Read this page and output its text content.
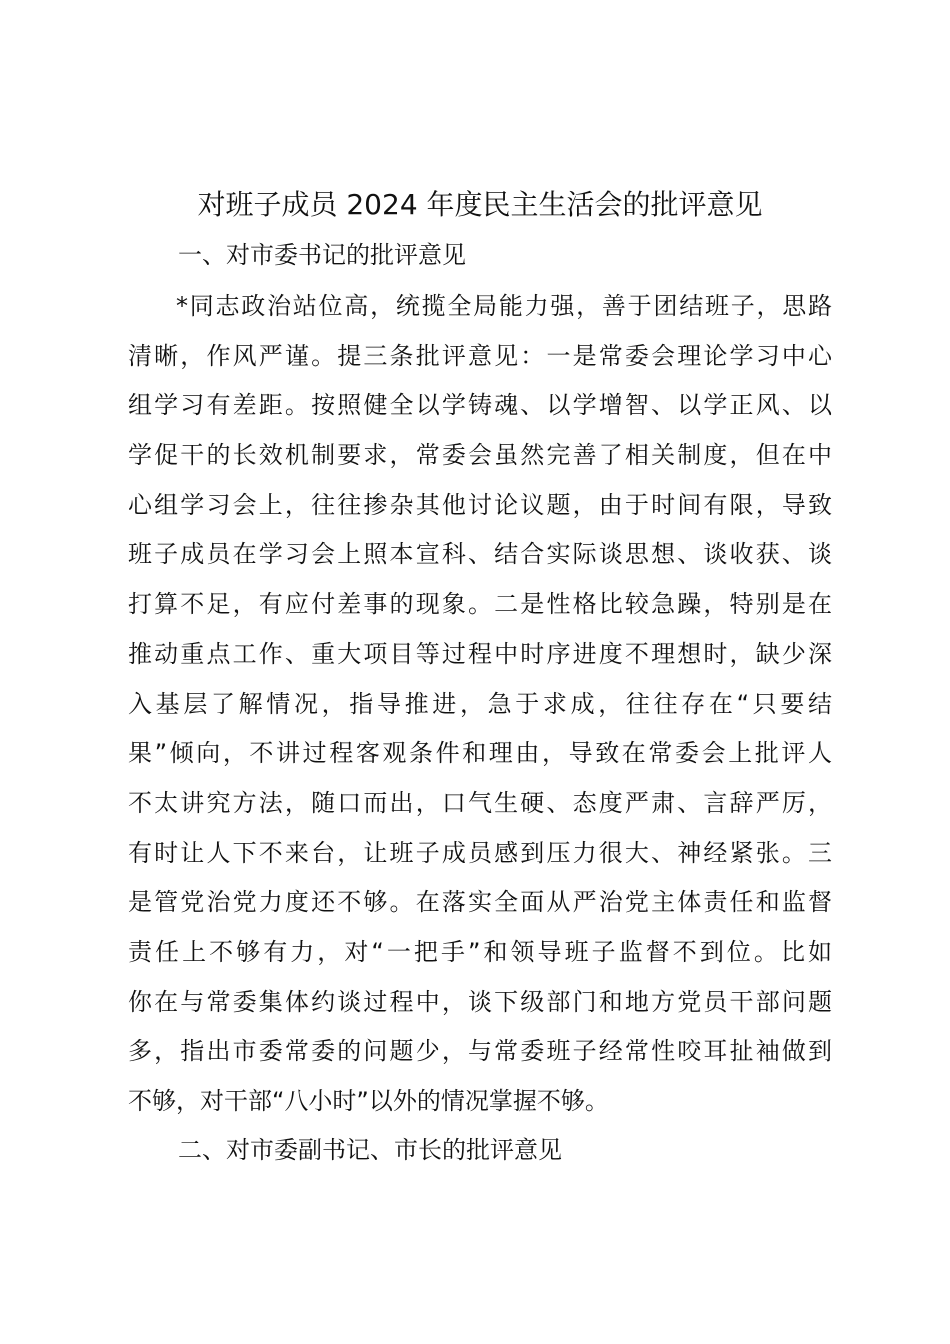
对班子成员 2024 年度民主生活会的批评意见
一、对市委书记的批评意见
*同志政治站位高，统揽全局能力强，善于团结班子，思路
清晰，作风严谨。提三条批评意见：一是常委会理论学习中心
组学习有差距。按照健全以学铸魂、以学增智、以学正风、以
学促干的长效机制要求，常委会虽然完善了相关制度，但在中
心组学习会上，往往掺杂其他讨论议题，由于时间有限，导致
班子成员在学习会上照本宣科、结合实际谈思想、谈收获、谈
打算不足，有应付差事的现象。二是性格比较急躁，特别是在
推动重点工作、重大项目等过程中时序进度不理想时，缺少深
入基层了解情况，指导推进，急于求成，往往存在“只要结
果”倾向，不讲过程客观条件和理由，导致在常委会上批评人
不太讲究方法，随口而出，口气生硬、态度严肃、言辞严厉，
有时让人下不来台，让班子成员感到压力很大、神经紧张。三
是管党治党力度还不够。在落实全面从严治党主体责任和监督
责任上不够有力，对“一把手”和领导班子监督不到位。比如
你在与常委集体约谈过程中，谈下级部门和地方党员干部问题
多，指出市委常委的问题少，与常委班子经常性咬耳扯袖做到
不够，对干部“八小时”以外的情况掌握不够。
二、对市委副书记、市长的批评意见
